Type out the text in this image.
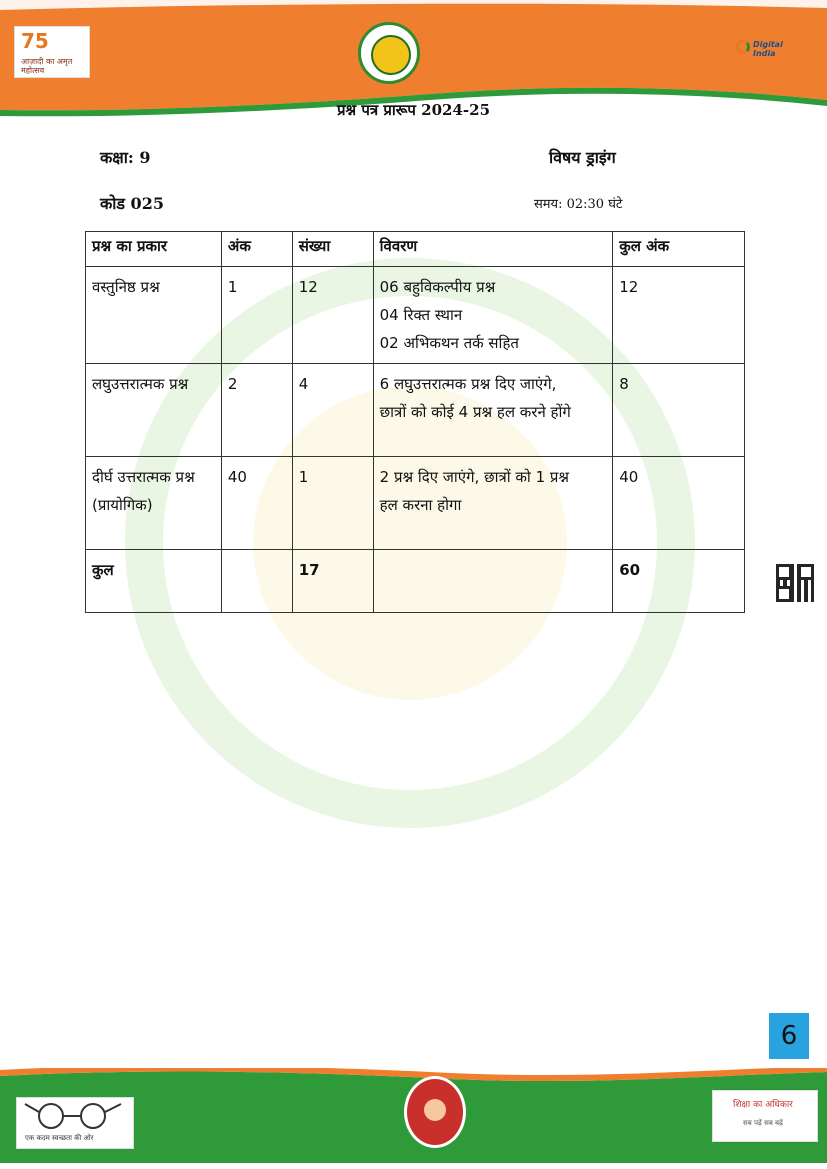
75
आज़ादी का अमृत महोत्सव
Digital India
प्रश्न पत्र प्रारूप 2024-25
कक्षा: 9	विषय ड्राइंग
कोड 025	समय: 02:30 घंटे
प्रश्न का प्रकार	अंक	संख्या	विवरण	कुल अंक
वस्तुनिष्ठ प्रश्न	1	12	06 बहुविकल्पीय प्रश्न
04 रिक्त स्थान
02 अभिकथन तर्क सहित	12
लघुउत्तरात्मक प्रश्न	2	4	6 लघुउत्तरात्मक प्रश्न दिए जाएंगे,
छात्रों को कोई 4 प्रश्न हल करने होंगे	8

दीर्घ उत्तरात्मक प्रश्न
(प्रायोगिक)	40	1	2 प्रश्न दिए जाएंगे, छात्रों को 1 प्रश्न
हल करना होगा	40
कुल		17		60
6
एक कदम स्वच्छता की ओर
शिक्षा का अधिकार
सब पढ़ें सब बढ़ें
